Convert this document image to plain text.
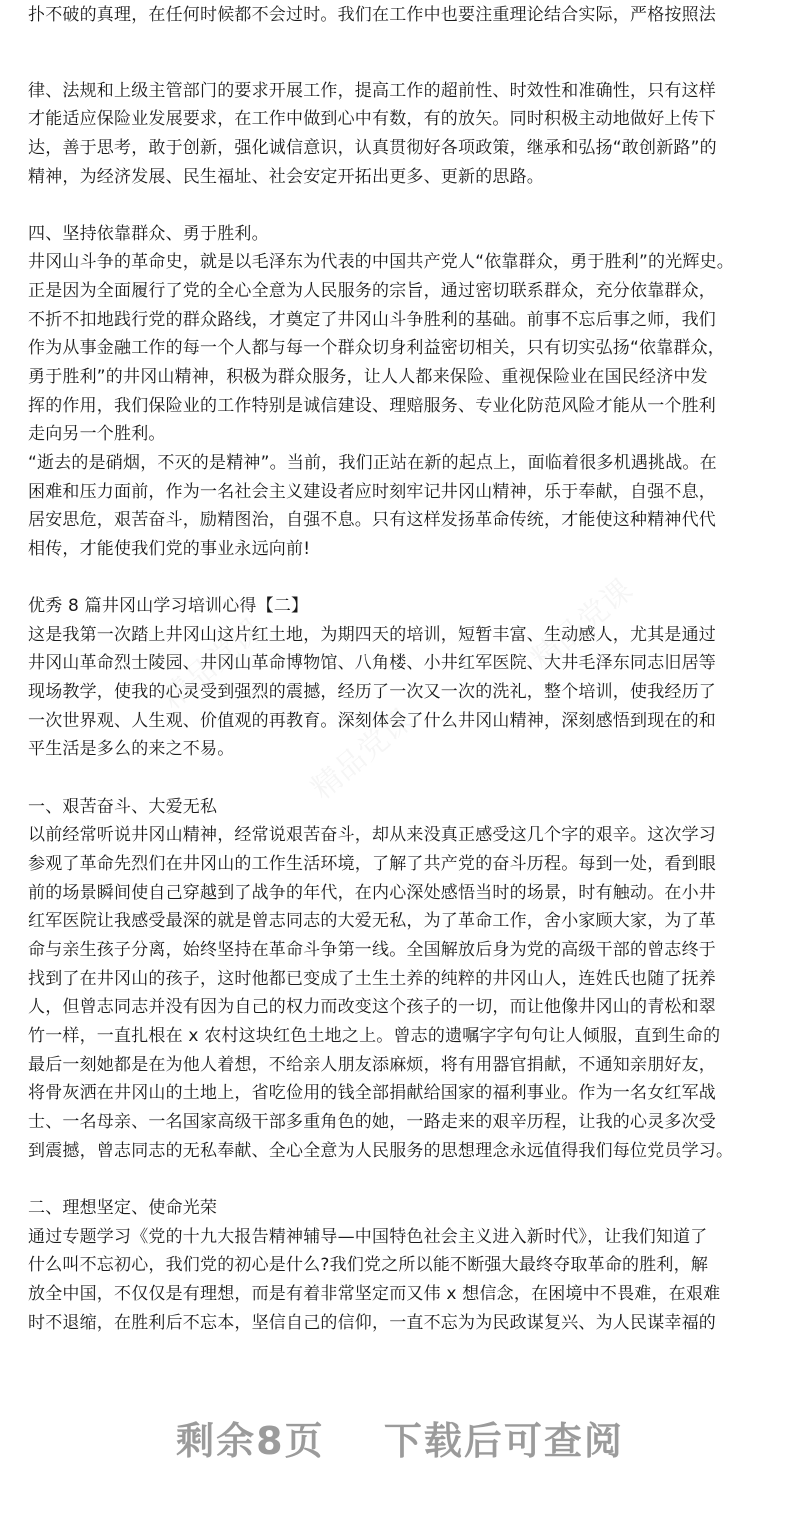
精品党课
精品党课
精品党课
扑不破的真理，在任何时候都不会过时。我们在工作中也要注重理论结合实际，严格按照法
律、法规和上级主管部门的要求开展工作，提高工作的超前性、时效性和准确性，只有这样
才能适应保险业发展要求，在工作中做到心中有数，有的放矢。同时积极主动地做好上传下
达，善于思考，敢于创新，强化诚信意识，认真贯彻好各项政策，继承和弘扬“敢创新路”的
精神，为经济发展、民生福址、社会安定开拓出更多、更新的思路。
四、坚持依靠群众、勇于胜利。
井冈山斗争的革命史，就是以毛泽东为代表的中国共产党人“依靠群众，勇于胜利”的光辉史。
正是因为全面履行了党的全心全意为人民服务的宗旨，通过密切联系群众，充分依靠群众，
不折不扣地践行党的群众路线，才奠定了井冈山斗争胜利的基础。前事不忘后事之师，我们
作为从事金融工作的每一个人都与每一个群众切身利益密切相关，只有切实弘扬“依靠群众，
勇于胜利”的井冈山精神，积极为群众服务，让人人都来保险、重视保险业在国民经济中发
挥的作用，我们保险业的工作特别是诚信建设、理赔服务、专业化防范风险才能从一个胜利
走向另一个胜利。
“逝去的是硝烟，不灭的是精神”。当前，我们正站在新的起点上，面临着很多机遇挑战。在
困难和压力面前，作为一名社会主义建设者应时刻牢记井冈山精神，乐于奉献，自强不息，
居安思危，艰苦奋斗，励精图治，自强不息。只有这样发扬革命传统，才能使这种精神代代
相传，才能使我们党的事业永远向前!
优秀 8 篇井冈山学习培训心得【二】
这是我第一次踏上井冈山这片红土地，为期四天的培训，短暂丰富、生动感人，尤其是通过
井冈山革命烈士陵园、井冈山革命博物馆、八角楼、小井红军医院、大井毛泽东同志旧居等
现场教学，使我的心灵受到强烈的震撼，经历了一次又一次的洗礼，整个培训，使我经历了
一次世界观、人生观、价值观的再教育。深刻体会了什么井冈山精神，深刻感悟到现在的和
平生活是多么的来之不易。
一、艰苦奋斗、大爱无私
以前经常听说井冈山精神，经常说艰苦奋斗，却从来没真正感受这几个字的艰辛。这次学习
参观了革命先烈们在井冈山的工作生活环境，了解了共产党的奋斗历程。每到一处，看到眼
前的场景瞬间使自己穿越到了战争的年代，在内心深处感悟当时的场景，时有触动。在小井
红军医院让我感受最深的就是曾志同志的大爱无私，为了革命工作，舍小家顾大家，为了革
命与亲生孩子分离，始终坚持在革命斗争第一线。全国解放后身为党的高级干部的曾志终于
找到了在井冈山的孩子，这时他都已变成了土生土养的纯粹的井冈山人，连姓氏也随了抚养
人，但曾志同志并没有因为自己的权力而改变这个孩子的一切，而让他像井冈山的青松和翠
竹一样，一直扎根在 x 农村这块红色土地之上。曾志的遗嘱字字句句让人倾服，直到生命的
最后一刻她都是在为他人着想，不给亲人朋友添麻烦，将有用器官捐献，不通知亲朋好友，
将骨灰洒在井冈山的土地上，省吃俭用的钱全部捐献给国家的福利事业。作为一名女红军战
士、一名母亲、一名国家高级干部多重角色的她，一路走来的艰辛历程，让我的心灵多次受
到震撼，曾志同志的无私奉献、全心全意为人民服务的思想理念永远值得我们每位党员学习。
二、理想坚定、使命光荣
通过专题学习《党的十九大报告精神辅导—中国特色社会主义进入新时代》，让我们知道了
什么叫不忘初心，我们党的初心是什么?我们党之所以能不断强大最终夺取革命的胜利，解
放全中国，不仅仅是有理想，而是有着非常坚定而又伟 x 想信念，在困境中不畏难，在艰难
时不退缩，在胜利后不忘本，坚信自己的信仰，一直不忘为为民政谋复兴、为人民谋幸福的
剩余8页 下载后可查阅
